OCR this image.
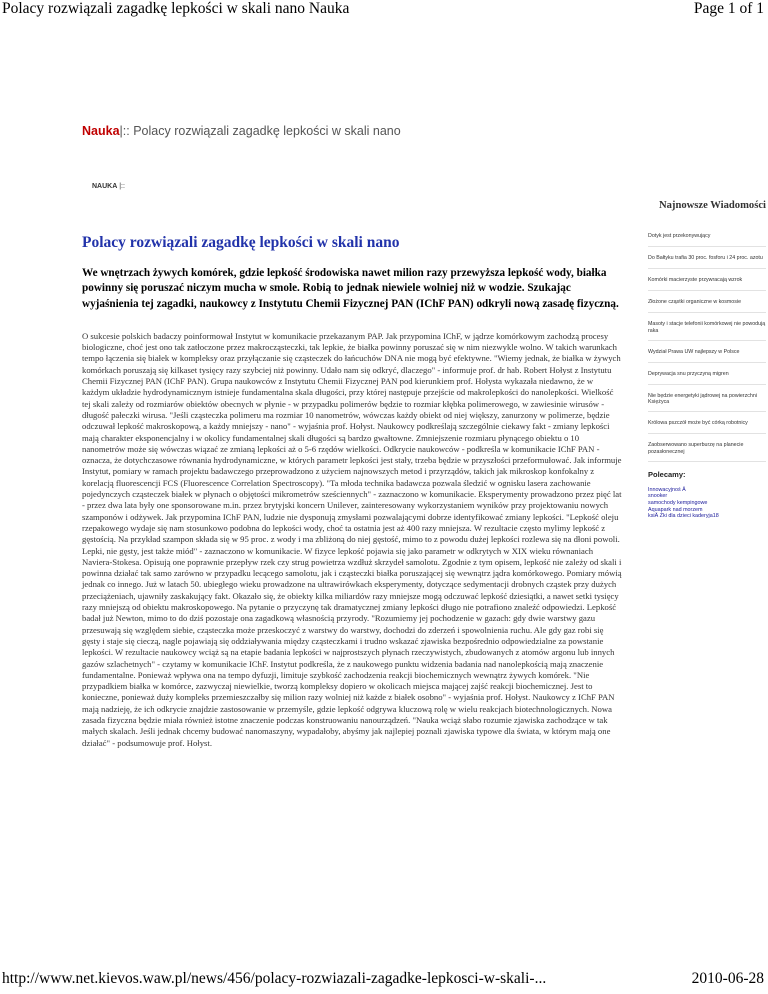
Polacy rozwiązali zagadkę lepkości w skali nano Nauka	Page 1 of 1
Nauka|:: Polacy rozwiązali zagadkę lepkości w skali nano
NAUKA |::
Polacy rozwiązali zagadkę lepkości w skali nano

We wnętrzach żywych komórek, gdzie lepkość środowiska nawet milion razy przewyższa lepkość wody, białka powinny się poruszać niczym mucha w smole. Robią to jednak niewiele wolniej niż w wodzie. Szukając wyjaśnienia tej zagadki, naukowcy z Instytutu Chemii Fizycznej PAN (IChF PAN) odkryli nową zasadę fizyczną.

O sukcesie polskich badaczy poinformował Instytut w komunikacie przekazanym PAP. Jak przypomina IChF, w jądrze komórkowym zachodzą procesy biologiczne, choć jest ono tak zatłoczone przez makrocząsteczki, tak lepkie, że białka powinny poruszać się w nim niezwykle wolno. W takich warunkach tempo łączenia się białek w kompleksy oraz przyłączanie się cząsteczek do łańcuchów DNA nie mogą być efektywne. "Wiemy jednak, że białka w żywych komórkach poruszają się kilkaset tysięcy razy szybciej niż powinny. Udało nam się odkryć, dlaczego" - informuje prof. dr hab. Robert Hołyst z Instytutu Chemii Fizycznej PAN (IChF PAN). Grupa naukowców z Instytutu Chemii Fizycznej PAN pod kierunkiem prof. Hołysta wykazała niedawno, że w każdym układzie hydrodynamicznym istnieje fundamentalna skala długości, przy której następuje przejście od makrolepkości do nanolepkości. Wielkość tej skali zależy od rozmiarów obiektów obecnych w płynie - w przypadku polimerów będzie to rozmiar kłębka polimerowego, w zawiesinie wirusów - długość pałeczki wirusa. "Jeśli cząsteczka polimeru ma rozmiar 10 nanometrów, wówczas każdy obiekt od niej większy, zanurzony w polimerze, będzie odczuwał lepkość makroskopową, a każdy mniejszy - nano" - wyjaśnia prof. Hołyst. Naukowcy podkreślają szczególnie ciekawy fakt - zmiany lepkości mają charakter eksponencjalny i w okolicy fundamentalnej skali długości są bardzo gwałtowne. Zmniejszenie rozmiaru płynącego obiektu o 10 nanometrów może się wówczas wiązać ze zmianą lepkości aż o 5-6 rzędów wielkości. Odkrycie naukowców - podkreśla w komunikacie IChF PAN - oznacza, że dotychczasowe równania hydrodynamiczne, w których parametr lepkości jest stały, trzeba będzie w przyszłości przeformułować. Jak informuje Instytut, pomiary w ramach projektu badawczego przeprowadzono z użyciem najnowszych metod i przyrządów, takich jak mikroskop konfokalny z korelacją fluorescencji FCS (Fluorescence Correlation Spectroscopy). "Ta młoda technika badawcza pozwala śledzić w ognisku lasera zachowanie pojedynczych cząsteczek białek w płynach o objętości mikrometrów sześciennych" - zaznaczono w komunikacie. Eksperymenty prowadzono przez pięć lat - przez dwa lata były one sponsorowane m.in. przez brytyjski koncern Unilever, zainteresowany wykorzystaniem wyników przy projektowaniu nowych szamponów i odżywek. Jak przypomina IChF PAN, ludzie nie dysponują zmysłami pozwalającymi dobrze identyfikować zmiany lepkości. "Lepkość oleju rzepakowego wydaje się nam stosunkowo podobna do lepkości wody, choć ta ostatnia jest aż 400 razy mniejsza. W rezultacie często mylimy lepkość z gęstością. Na przykład szampon składa się w 95 proc. z wody i ma zbliżoną do niej gęstość, mimo to z powodu dużej lepkości rozlewa się na dłoni powoli. Lepki, nie gęsty, jest także miód" - zaznaczono w komunikacie. W fizyce lepkość pojawia się jako parametr w odkrytych w XIX wieku równaniach Naviera-Stokesa. Opisują one poprawnie przepływ rzek czy strug powietrza wzdłuż skrzydeł samolotu. Zgodnie z tym opisem, lepkość nie zależy od skali i powinna działać tak samo zarówno w przypadku lecącego samolotu, jak i cząsteczki białka poruszającej się wewnątrz jądra komórkowego. Pomiary mówią jednak co innego. Już w latach 50. ubiegłego wieku prowadzone na ultrawirówkach eksperymenty, dotyczące sedymentacji drobnych cząstek przy dużych przeciążeniach, ujawniły zaskakujący fakt. Okazało się, że obiekty kilka miliardów razy mniejsze mogą odczuwać lepkość dziesiątki, a nawet setki tysięcy razy mniejszą od obiektu makroskopowego. Na pytanie o przyczynę tak dramatycznej zmiany lepkości długo nie potrafiono znaleźć odpowiedzi. Lepkość badał już Newton, mimo to do dziś pozostaje ona zagadkową własnością przyrody. "Rozumiemy jej pochodzenie w gazach: gdy dwie warstwy gazu przesuwają się względem siebie, cząsteczka może przeskoczyć z warstwy do warstwy, dochodzi do zderzeń i spowolnienia ruchu. Ale gdy gaz robi się gęsty i staje się cieczą, nagle pojawiają się oddziaływania między cząsteczkami i trudno wskazać zjawiska bezpośrednio odpowiedzialne za powstanie lepkości. W rezultacie naukowcy wciąż są na etapie badania lepkości w najprostszych płynach rzeczywistych, zbudowanych z atomów argonu lub innych gazów szlachetnych" - czytamy w komunikacie IChF. Instytut podkreśla, że z naukowego punktu widzenia badania nad nanolepkością mają znaczenie fundamentalne. Ponieważ wpływa ona na tempo dyfuzji, limituje szybkość zachodzenia reakcji biochemicznych wewnątrz żywych komórek. "Nie przypadkiem białka w komórce, zazwyczaj niewielkie, tworzą kompleksy dopiero w okolicach miejsca mającej zajść reakcji biochemicznej. Jest to konieczne, ponieważ duży kompleks przemieszczałby się milion razy wolniej niż każde z białek osobno" - wyjaśnia prof. Hołyst. Naukowcy z IChF PAN mają nadzieję, że ich odkrycie znajdzie zastosowanie w przemyśle, gdzie lepkość odgrywa kluczową rolę w wielu reakcjach biotechnologicznych. Nowa zasada fizyczna będzie miała również istotne znaczenie podczas konstruowaniu nanourządzeń. "Nauka wciąż słabo rozumie zjawiska zachodzące w tak małych skalach. Jeśli jednak chcemy budować nanomaszyny, wypadałoby, abyśmy jak najlepiej poznali zjawiska typowe dla świata, w którym mają one działać" - podsumowuje prof. Hołyst.

Najnowsze Wiadomości
Dotyk jest przekonywujący
Do Bałtyku trafia 30 proc. fosforu i 24 proc. azotu
Komórki macierzyste przywracają wzrok
Złożone cząstki organiczne w kosmosie
Masoty i stacje telefonii komórkowej nie powodują raka
Wydział Prawa UW najlepszy w Polsce
Deprywacja snu przyczyną migren
Nie będzie energetyki jądrowej na powierzchni Księżyca
Królowa pszczół może być córką robotnicy
Zaobserwowano superburzę na planecie pozasłonecznej
Polecamy:
Innowacyjnoś Ä
snooker
samochody kempingowe
Aquapark nad morzem
ksiÄ Żki dla dzieci kaderyja18
http://www.net.kievos.waw.pl/news/456/polacy-rozwiazali-zagadke-lepkosci-w-skali-...	2010-06-28
